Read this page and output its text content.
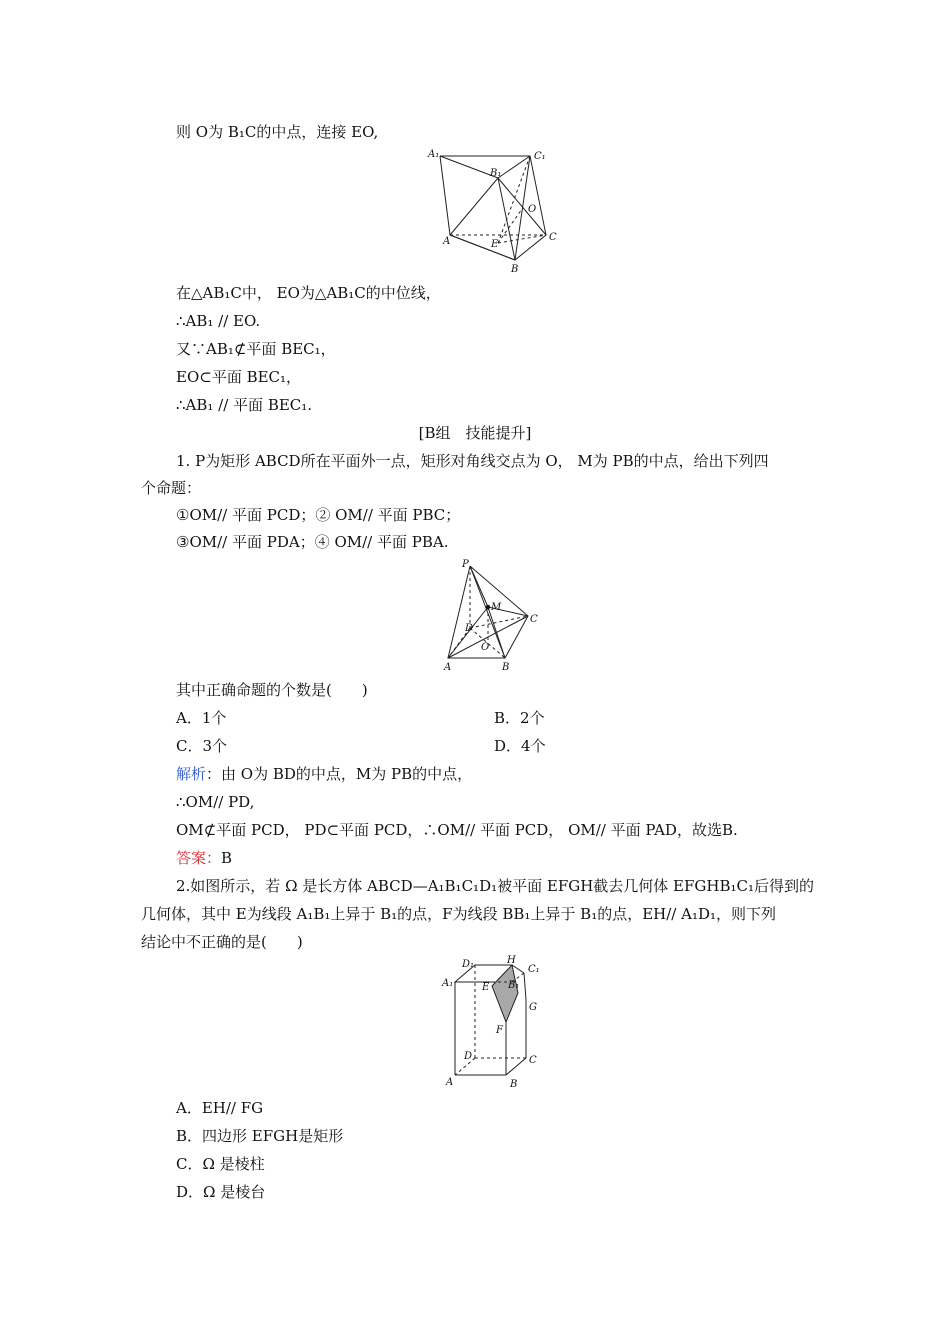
则 O为 B₁C的中点，连接 EO,
A₁	C₁
B₁
O
A	E
C
B
在△AB₁C中， EO为△AB₁C的中位线，
∴AB₁ // EO.
又∵AB₁⊄平面 BEC₁，
EO⊂平面 BEC₁，
∴AB₁ // 平面 BEC₁.
[B组　技能提升]
1. P为矩形 ABCD所在平面外一点，矩形对角线交点为 O， M为 PB的中点，给出下列四
个命题：
①OM// 平面 PCD；② OM// 平面 PBC；
③OM// 平面 PDA；④ OM// 平面 PBA.
P
M
C
D
O
A	B
其中正确命题的个数是(　　)
A．1个	B．2个
C．3个	D．4个
解析：由 O为 BD的中点，M为 PB的中点，
∴OM// PD,
OM⊄平面 PCD， PD⊂平面 PCD，∴OM// 平面 PCD， OM// 平面 PAD，故选B.
答案：B
2.如图所示，若 Ω 是长方体 ABCD—A₁B₁C₁D₁被平面 EFGH截去几何体 EFGHB₁C₁后得到的
几何体，其中 E为线段 A₁B₁上异于 B₁的点，F为线段 BB₁上异于 B₁的点，EH// A₁D₁，则下列
结论中不正确的是(　　)
D₁	H
C₁
A₁	E B₁
G
F
D	C
A	B
A．EH// FG
B．四边形 EFGH是矩形
C．Ω 是棱柱
D．Ω 是棱台
